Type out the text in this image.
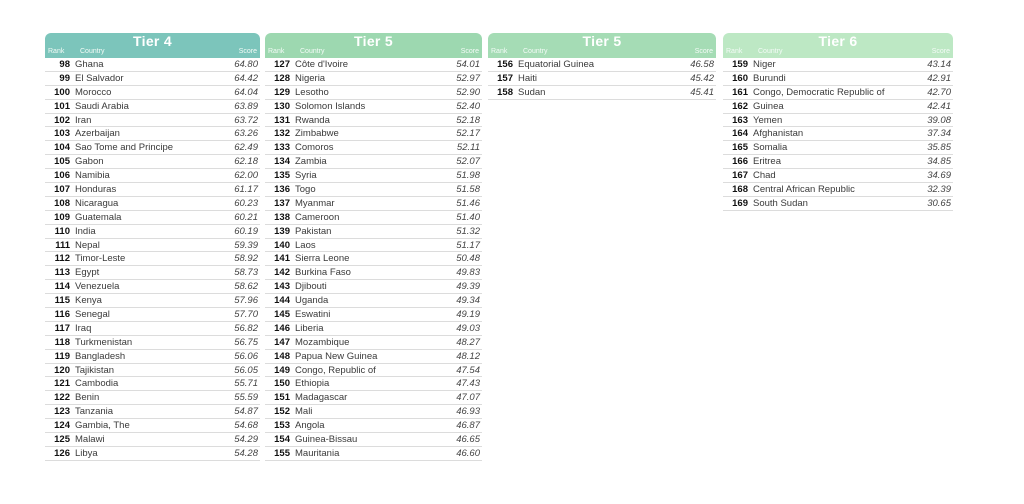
Tier 4
Rank Country	Score
98 Ghana	64.80
99 El Salvador	64.42
100 Morocco	64.04
101 Saudi Arabia	63.89
102 Iran	63.72
103 Azerbaijan	63.26
104 Sao Tome and Principe	62.49
105 Gabon	62.18
106 Namibia	62.00
107 Honduras	61.17
108 Nicaragua	60.23
109 Guatemala	60.21
110 India	60.19
111 Nepal	59.39
112 Timor-Leste	58.92
113 Egypt	58.73
114 Venezuela	58.62
115 Kenya	57.96
116 Senegal	57.70
117 Iraq	56.82
118 Turkmenistan	56.75
119 Bangladesh	56.06
120 Tajikistan	56.05
121 Cambodia	55.71
122 Benin	55.59
123 Tanzania	54.87
124 Gambia, The	54.68
125 Malawi	54.29
126 Libya	54.28
Tier 5
Rank Country	Score
127 Côte d'Ivoire	54.01
128 Nigeria	52.97
129 Lesotho	52.90
130 Solomon Islands	52.40
131 Rwanda	52.18
132 Zimbabwe	52.17
133 Comoros	52.11
134 Zambia	52.07
135 Syria	51.98
136 Togo	51.58
137 Myanmar	51.46
138 Cameroon	51.40
139 Pakistan	51.32
140 Laos	51.17
141 Sierra Leone	50.48
142 Burkina Faso	49.83
143 Djibouti	49.39
144 Uganda	49.34
145 Eswatini	49.19
146 Liberia	49.03
147 Mozambique	48.27
148 Papua New Guinea	48.12
149 Congo, Republic of	47.54
150 Ethiopia	47.43
151 Madagascar	47.07
152 Mali	46.93
153 Angola	46.87
154 Guinea-Bissau	46.65
155 Mauritania	46.60
Tier 5
Rank Country	Score
156 Equatorial Guinea	46.58
157 Haiti	45.42
158 Sudan	45.41
Tier 6
Rank Country	Score
159 Niger	43.14
160 Burundi	42.91
161 Congo, Democratic Republic of	42.70
162 Guinea	42.41
163 Yemen	39.08
164 Afghanistan	37.34
165 Somalia	35.85
166 Eritrea	34.85
167 Chad	34.69
168 Central African Republic	32.39
169 South Sudan	30.65
